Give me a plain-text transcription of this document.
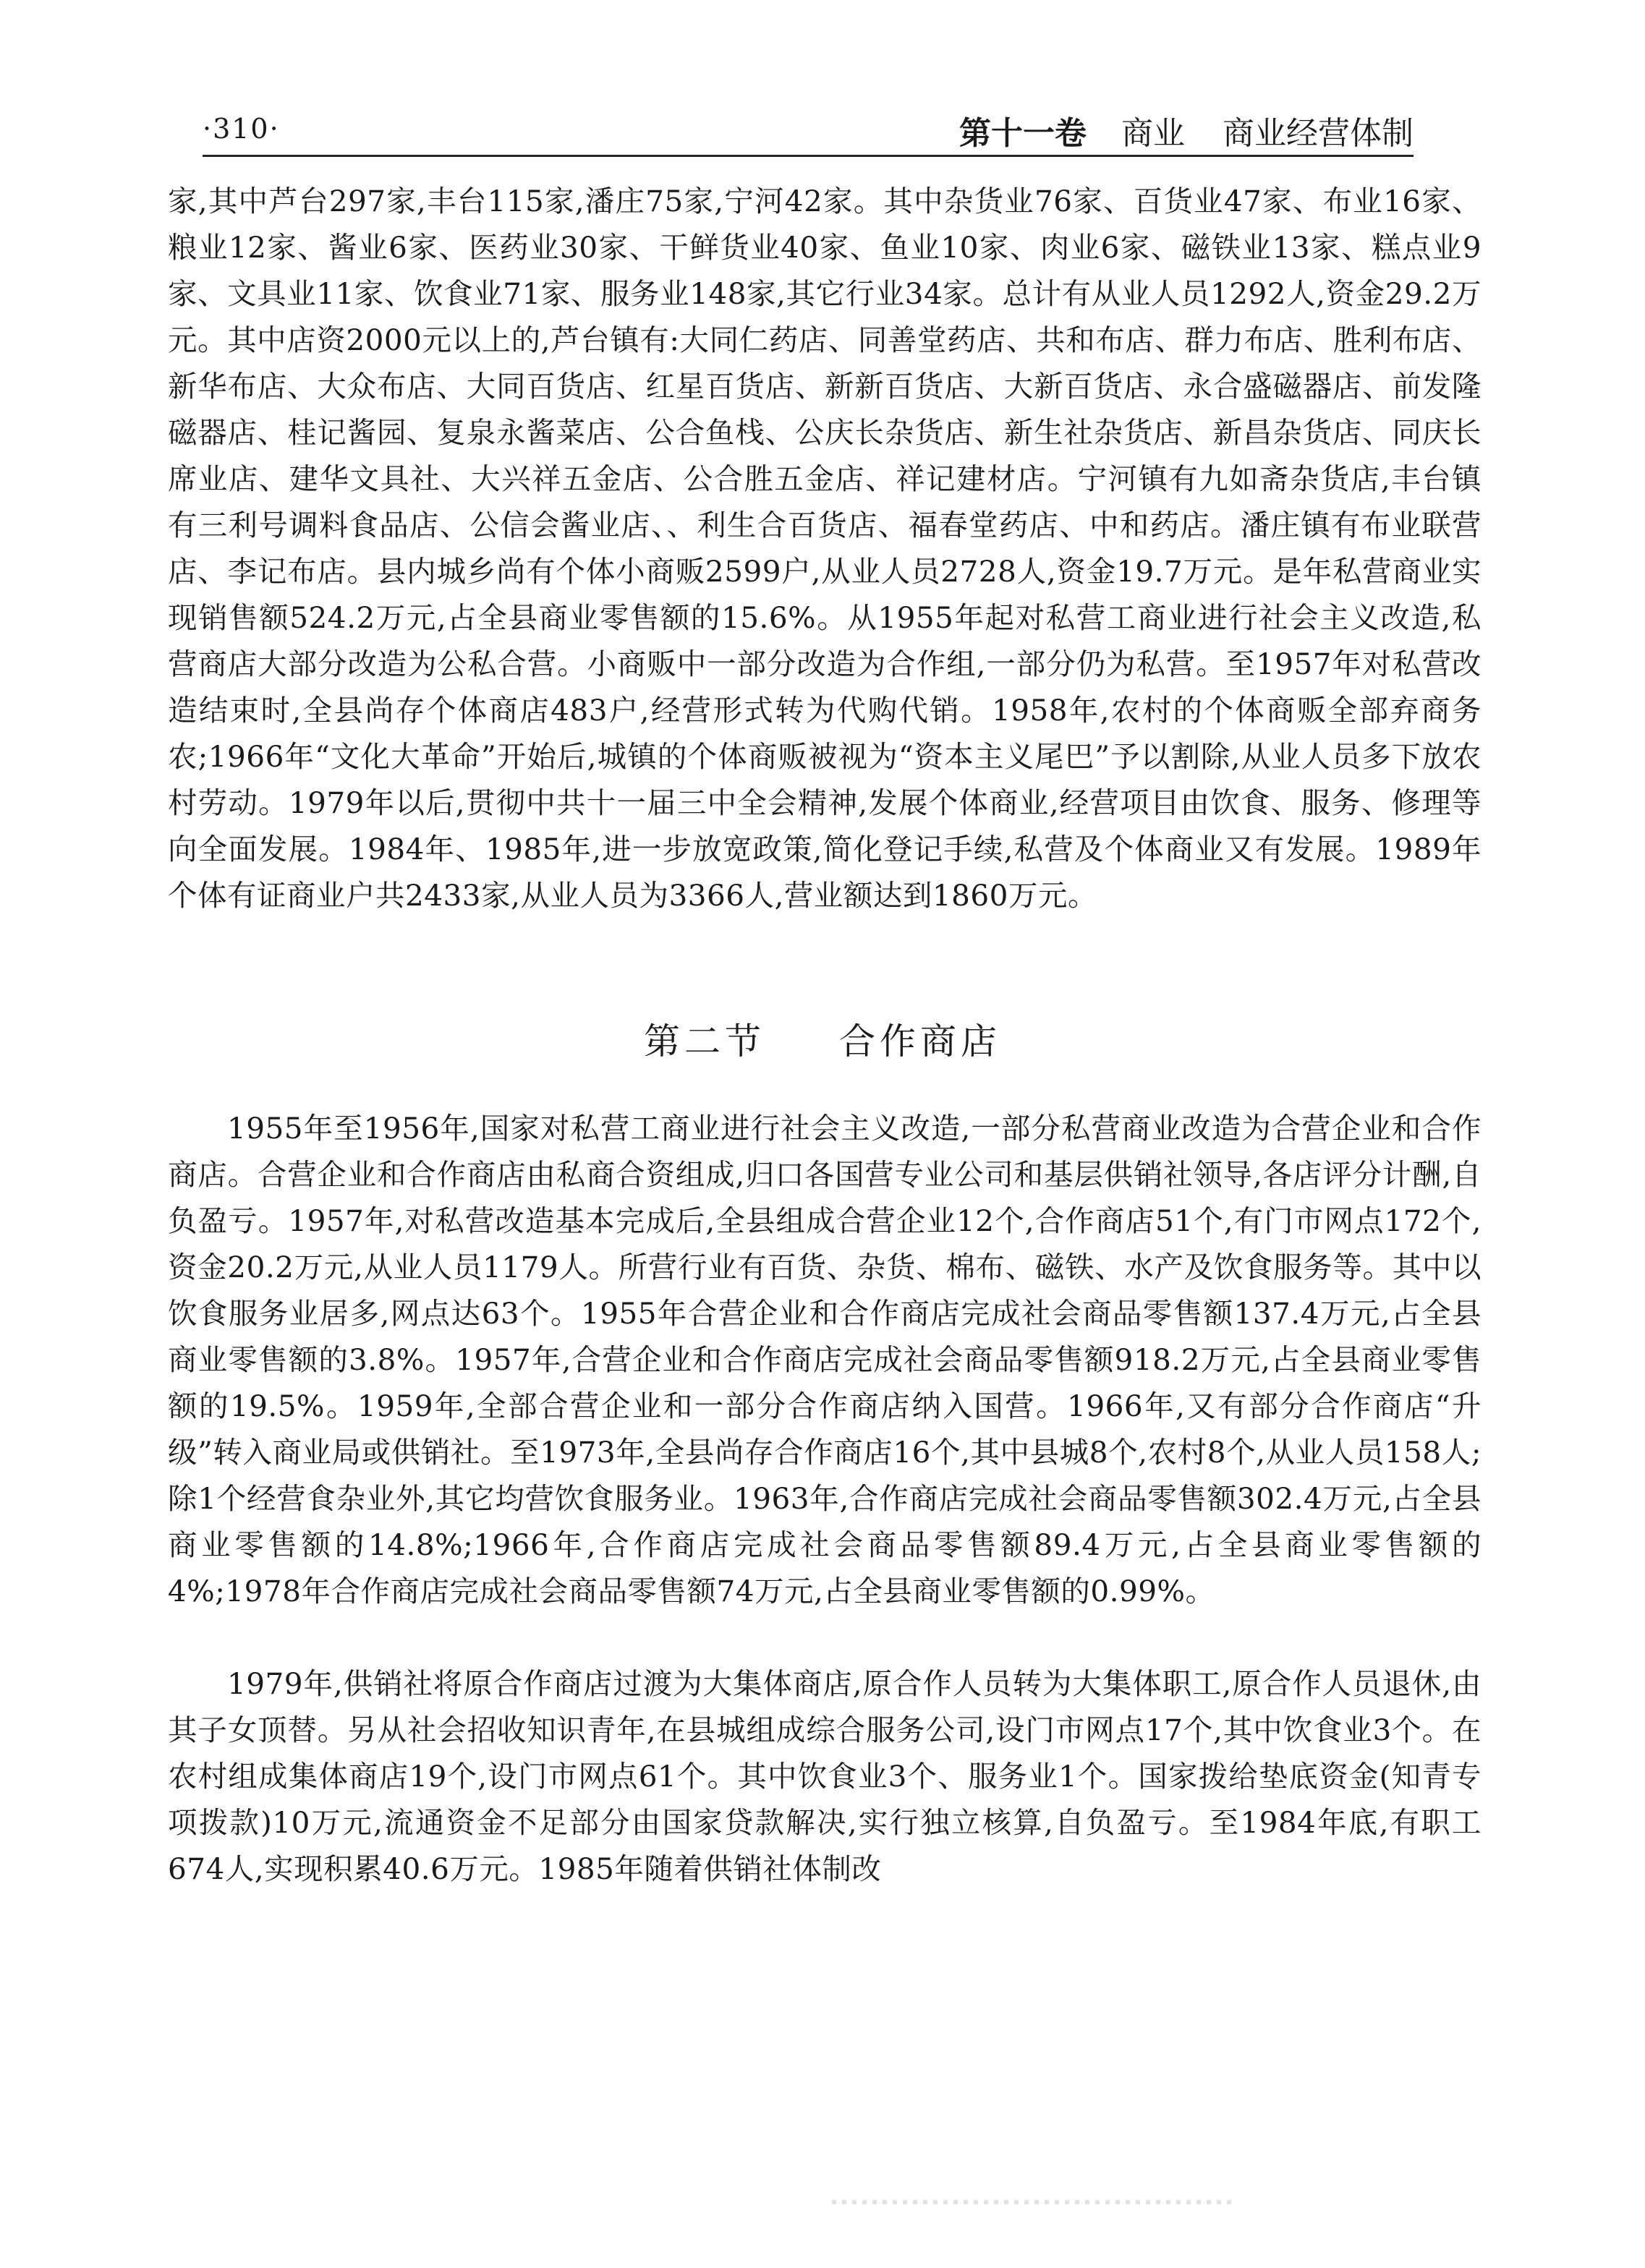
·310·	第十一卷 商业 商业经营体制

家,其中芦台297家,丰台115家,潘庄75家,宁河42家。其中杂货业76家、百货业47家、布业16家、粮业12家、酱业6家、医药业30家、干鲜货业40家、鱼业10家、肉业6家、磁铁业13家、糕点业9家、文具业11家、饮食业71家、服务业148家,其它行业34家。总计有从业人员1292人,资金29.2万元。其中店资2000元以上的,芦台镇有:大同仁药店、同善堂药店、共和布店、群力布店、胜利布店、新华布店、大众布店、大同百货店、红星百货店、新新百货店、大新百货店、永合盛磁器店、前发隆磁器店、桂记酱园、复泉永酱菜店、公合鱼栈、公庆长杂货店、新生社杂货店、新昌杂货店、同庆长席业店、建华文具社、大兴祥五金店、公合胜五金店、祥记建材店。宁河镇有九如斋杂货店,丰台镇有三利号调料食品店、公信会酱业店、、利生合百货店、福春堂药店、中和药店。潘庄镇有布业联营店、李记布店。县内城乡尚有个体小商贩2599户,从业人员2728人,资金19.7万元。是年私营商业实现销售额524.2万元,占全县商业零售额的15.6%。从1955年起对私营工商业进行社会主义改造,私营商店大部分改造为公私合营。小商贩中一部分改造为合作组,一部分仍为私营。至1957年对私营改造结束时,全县尚存个体商店483户,经营形式转为代购代销。1958年,农村的个体商贩全部弃商务农;1966年“文化大革命”开始后,城镇的个体商贩被视为“资本主义尾巴”予以割除,从业人员多下放农村劳动。1979年以后,贯彻中共十一届三中全会精神,发展个体商业,经营项目由饮食、服务、修理等向全面发展。1984年、1985年,进一步放宽政策,简化登记手续,私营及个体商业又有发展。1989年个体有证商业户共2433家,从业人员为3366人,营业额达到1860万元。

第二节 合作商店

1955年至1956年,国家对私营工商业进行社会主义改造,一部分私营商业改造为合营企业和合作商店。合营企业和合作商店由私商合资组成,归口各国营专业公司和基层供销社领导,各店评分计酬,自负盈亏。1957年,对私营改造基本完成后,全县组成合营企业12个,合作商店51个,有门市网点172个,资金20.2万元,从业人员1179人。所营行业有百货、杂货、棉布、磁铁、水产及饮食服务等。其中以饮食服务业居多,网点达63个。1955年合营企业和合作商店完成社会商品零售额137.4万元,占全县商业零售额的3.8%。1957年,合营企业和合作商店完成社会商品零售额918.2万元,占全县商业零售额的19.5%。1959年,全部合营企业和一部分合作商店纳入国营。1966年,又有部分合作商店“升级”转入商业局或供销社。至1973年,全县尚存合作商店16个,其中县城8个,农村8个,从业人员158人;除1个经营食杂业外,其它均营饮食服务业。1963年,合作商店完成社会商品零售额302.4万元,占全县商业零售额的14.8%;1966年,合作商店完成社会商品零售额89.4万元,占全县商业零售额的4%;1978年合作商店完成社会商品零售额74万元,占全县商业零售额的0.99%。

1979年,供销社将原合作商店过渡为大集体商店,原合作人员转为大集体职工,原合作人员退休,由其子女顶替。另从社会招收知识青年,在县城组成综合服务公司,设门市网点17个,其中饮食业3个。在农村组成集体商店19个,设门市网点61个。其中饮食业3个、服务业1个。国家拨给垫底资金(知青专项拨款)10万元,流通资金不足部分由国家贷款解决,实行独立核算,自负盈亏。至1984年底,有职工674人,实现积累40.6万元。1985年随着供销社体制改
